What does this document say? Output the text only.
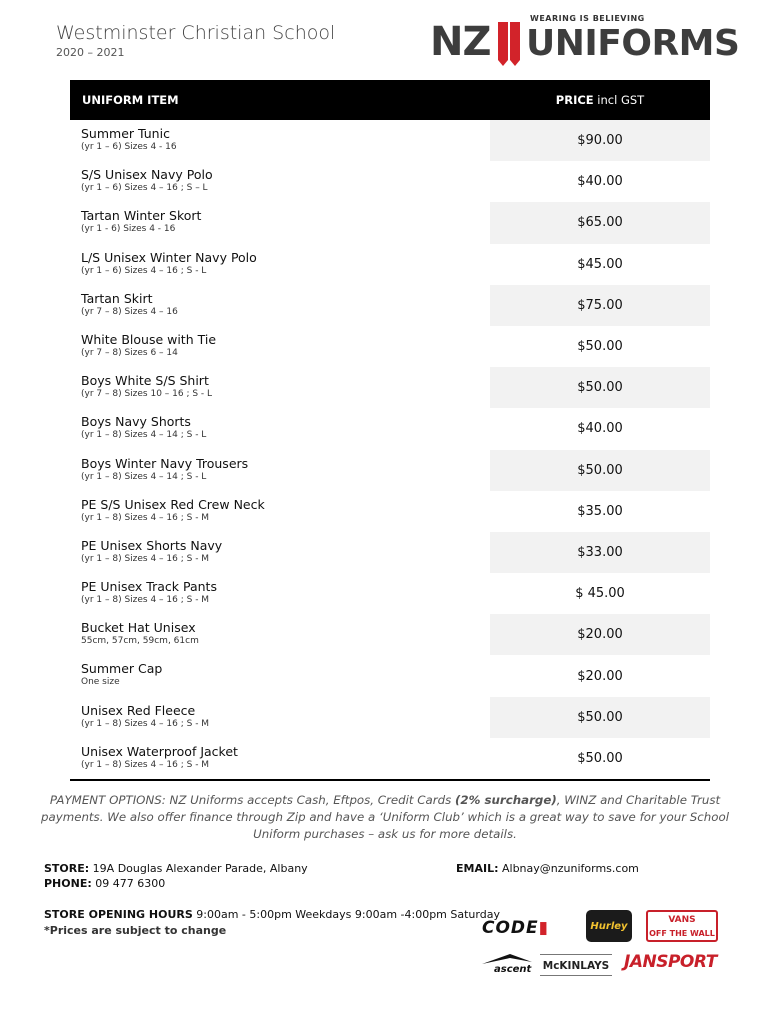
Westminster Christian School
2020 – 2021
WEARING IS BELIEVING
NZ UNIFORMS
UNIFORM ITEM	PRICE incl GST
Summer Tunic
(yr 1 – 6) Sizes 4 - 16	$90.00
S/S Unisex Navy Polo
(yr 1 – 6) Sizes 4 – 16 ; S – L	$40.00
Tartan Winter Skort
(yr 1 - 6) Sizes 4 - 16	$65.00
L/S Unisex Winter Navy Polo
(yr 1 – 6) Sizes 4 – 16 ; S - L	$45.00
Tartan Skirt
(yr 7 – 8) Sizes 4 – 16	$75.00
White Blouse with Tie
(yr 7 – 8) Sizes 6 – 14	$50.00
Boys White S/S Shirt
(yr 7 – 8) Sizes 10 – 16 ; S - L	$50.00
Boys Navy Shorts
(yr 1 – 8) Sizes 4 – 14 ; S - L	$40.00
Boys Winter Navy Trousers
(yr 1 – 8) Sizes 4 – 14 ; S - L	$50.00
PE S/S Unisex Red Crew Neck
(yr 1 – 8) Sizes 4 – 16 ; S - M	$35.00
PE Unisex Shorts Navy
(yr 1 – 8) Sizes 4 – 16 ; S - M	$33.00
PE Unisex Track Pants
(yr 1 – 8) Sizes 4 – 16 ; S - M	$ 45.00
Bucket Hat Unisex
55cm, 57cm, 59cm, 61cm	$20.00
Summer Cap
One size	$20.00
Unisex Red Fleece
(yr 1 – 8) Sizes 4 – 16 ; S - M	$50.00
Unisex Waterproof Jacket
(yr 1 – 8) Sizes 4 – 16 ; S - M	$50.00
PAYMENT OPTIONS: NZ Uniforms accepts Cash, Eftpos, Credit Cards (2% surcharge), WINZ and Charitable Trust payments. We also offer finance through Zip and have a ‘Uniform Club’ which is a great way to save for your School Uniform purchases – ask us for more details.
STORE: 19A Douglas Alexander Parade, Albany
PHONE: 09 477 6300
EMAIL: Albnay@nzuniforms.com
STORE OPENING HOURS 9:00am - 5:00pm Weekdays 9:00am -4:00pm Saturday
*Prices are subject to change	CODE▮	Hurley
VANS
OFF THE WALL
ascent McKINLAYS JANSPORT
